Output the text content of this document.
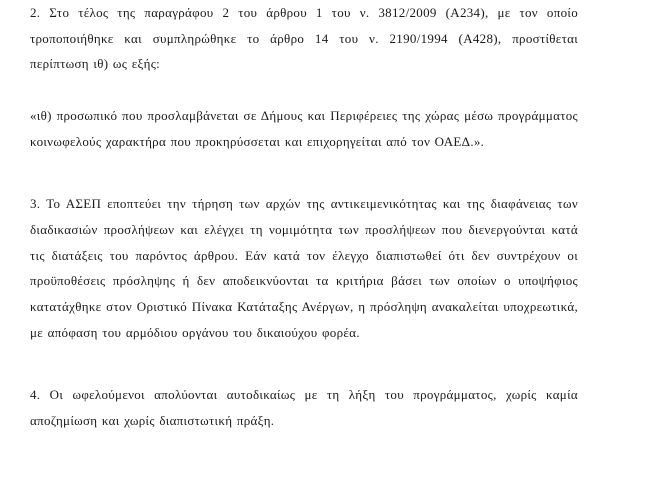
2. Στο τέλος της παραγράφου 2 του άρθρου 1 του ν. 3812/2009 (Α234), με τον οποίο τροποποιήθηκε και συμπληρώθηκε το άρθρο 14 του ν. 2190/1994 (Α428), προστίθεται περίπτωση ιθ) ως εξής:

«ιθ) προσωπικό που προσλαμβάνεται σε Δήμους και Περιφέρειες της χώρας μέσω προγράμματος κοινωφελούς χαρακτήρα που προκηρύσσεται και επιχορηγείται από τον ΟΑΕΔ.».

3. Το ΑΣΕΠ εποπτεύει την τήρηση των αρχών της αντικειμενικότητας και της διαφάνειας των διαδικασιών προσλήψεων και ελέγχει τη νομιμότητα των προσλήψεων που διενεργούνται κατά τις διατάξεις του παρόντος άρθρου. Εάν κατά τον έλεγχο διαπιστωθεί ότι δεν συντρέχουν οι προϋποθέσεις πρόσληψης ή δεν αποδεικνύονται τα κριτήρια βάσει των οποίων ο υποψήφιος κατατάχθηκε στον Οριστικό Πίνακα Κατάταξης Ανέργων, η πρόσληψη ανακαλείται υποχρεωτικά, με απόφαση του αρμόδιου οργάνου του δικαιούχου φορέα.

4. Οι ωφελούμενοι απολύονται αυτοδικαίως με τη λήξη του προγράμματος, χωρίς καμία αποζημίωση και χωρίς διαπιστωτική πράξη.
